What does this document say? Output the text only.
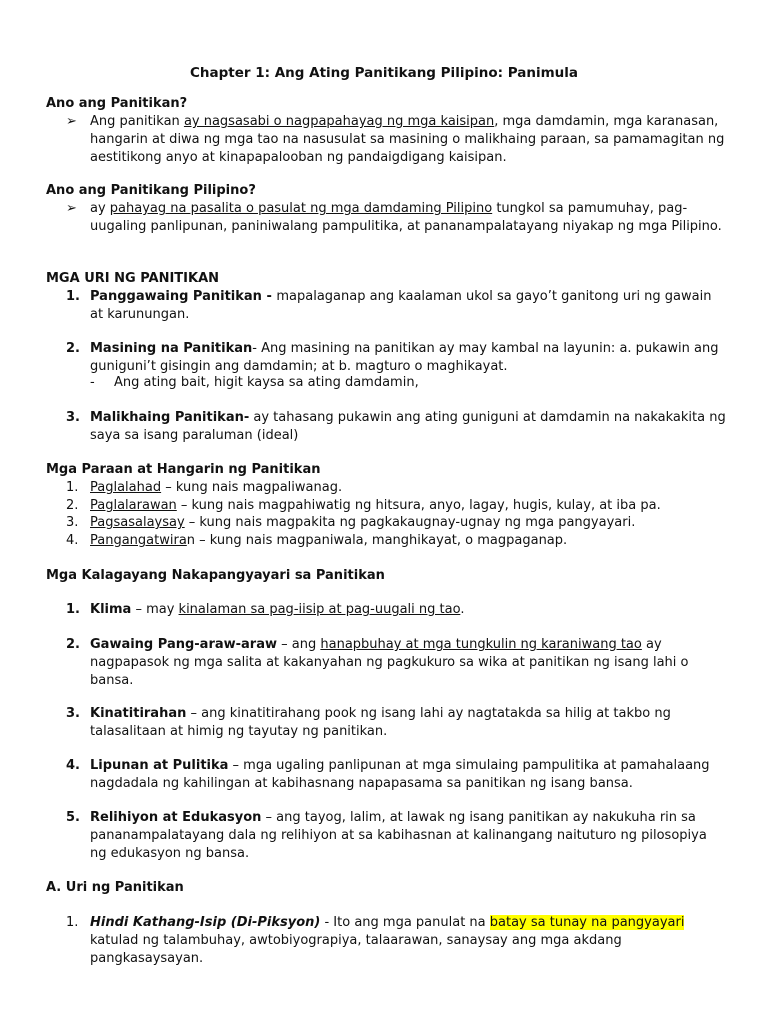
Chapter 1: Ang Ating Panitikang Pilipino: Panimula
Ano ang Panitikan?
➢ Ang panitikan ay nagsasabi o nagpapahayag ng mga kaisipan, mga damdamin, mga karanasan, hangarin at diwa ng mga tao na nasusulat sa masining o malikhaing paraan, sa pamamagitan ng aestitikong anyo at kinapapalooban ng pandaigdigang kaisipan.
Ano ang Panitikang Pilipino?
➢ ay pahayag na pasalita o pasulat ng mga damdaming Pilipino tungkol sa pamumuhay, pag-uugaling panlipunan, paniniwalang pampulitika, at pananampalatayang niyakap ng mga Pilipino.
MGA URI NG PANITIKAN
1. Panggawaing Panitikan - mapalaganap ang kaalaman ukol sa gayo’t ganitong uri ng gawain at karunungan.
2. Masining na Panitikan- Ang masining na panitikan ay may kambal na layunin: a. pukawin ang guniguni’t gisingin ang damdamin; at b. magturo o maghikayat.
- Ang ating bait, higit kaysa sa ating damdamin,
3. Malikhaing Panitikan- ay tahasang pukawin ang ating guniguni at damdamin na nakakakita ng saya sa isang paraluman (ideal)
Mga Paraan at Hangarin ng Panitikan
1. Paglalahad – kung nais magpaliwanag.
2. Paglalarawan – kung nais magpahiwatig ng hitsura, anyo, lagay, hugis, kulay, at iba pa.
3. Pagsasalaysay – kung nais magpakita ng pagkakaugnay-ugnay ng mga pangyayari.
4. Pangangatwiran – kung nais magpaniwala, manghikayat, o magpaganap.
Mga Kalagayang Nakapangyayari sa Panitikan
1. Klima – may kinalaman sa pag-iisip at pag-uugali ng tao.
2. Gawaing Pang-araw-araw – ang hanapbuhay at mga tungkulin ng karaniwang tao ay nagpapasok ng mga salita at kakanyahan ng pagkukuro sa wika at panitikan ng isang lahi o bansa.
3. Kinatitirahan – ang kinatitirahang pook ng isang lahi ay nagtatakda sa hilig at takbo ng talasalitaan at himig ng tayutay ng panitikan.
4. Lipunan at Pulitika – mga ugaling panlipunan at mga simulaing pampulitika at pamahalaang nagdadala ng kahilingan at kabihasnang napapasama sa panitikan ng isang bansa.
5. Relihiyon at Edukasyon – ang tayog, lalim, at lawak ng isang panitikan ay nakukuha rin sa pananampalatayang dala ng relihiyon at sa kabihasnan at kalinangang naituturo ng pilosopiya ng edukasyon ng bansa.
A. Uri ng Panitikan
1. Hindi Kathang-Isip (Di-Piksyon) - Ito ang mga panulat na batay sa tunay na pangyayari katulad ng talambuhay, awtobiyograpiya, talaarawan, sanaysay ang mga akdang pangkasaysayan.
